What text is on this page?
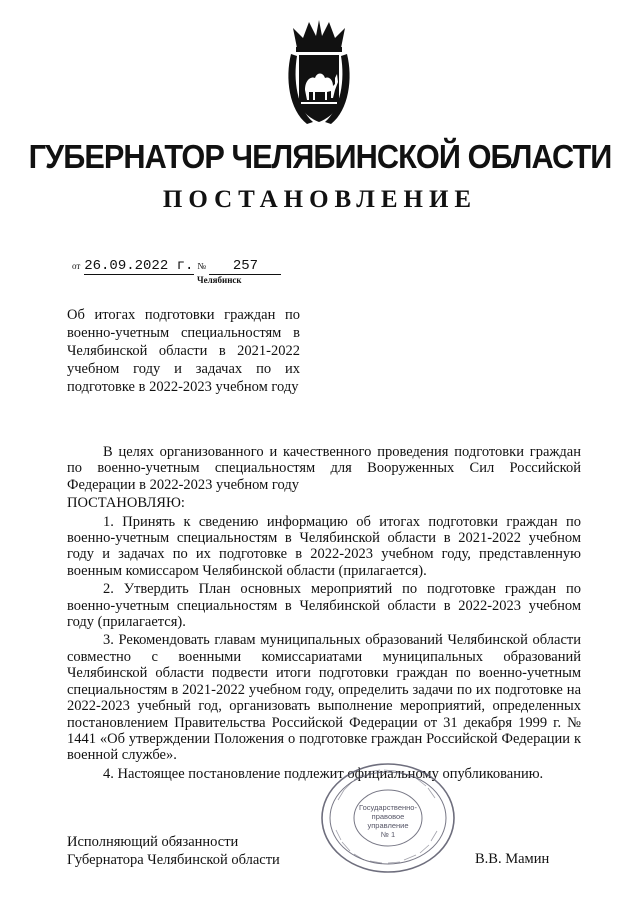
ГУБЕРНАТОР ЧЕЛЯБИНСКОЙ ОБЛАСТИ
ПОСТАНОВЛЕНИЕ
от 26.09.2022 г. № 257
Челябинск
Об итогах подготовки граждан по военно-учетным специальностям в Челябинской области в 2021-2022 учебном году и задачах по их подготовке в 2022-2023 учебном году

В целях организованного и качественного проведения подготовки граждан по военно-учетным специальностям для Вооруженных Сил Российской Федерации в 2022-2023 учебном году

ПОСТАНОВЛЯЮ:

1. Принять к сведению информацию об итогах подготовки граждан по военно-учетным специальностям в Челябинской области в 2021-2022 учебном году и задачах по их подготовке в 2022-2023 учебном году, представленную военным комиссаром Челябинской области (прилагается).

2. Утвердить План основных мероприятий по подготовке граждан по военно-учетным специальностям в Челябинской области в 2022-2023 учебном году (прилагается).

3. Рекомендовать главам муниципальных образований Челябинской области совместно с военными комиссариатами муниципальных образований Челябинской области подвести итоги подготовки граждан по военно-учетным специальностям в 2021-2022 учебном году, определить задачи по их подготовке на 2022-2023 учебный год, организовать выполнение мероприятий, определенных постановлением Правительства Российской Федерации от 31 декабря 1999 г. № 1441 «Об утверждении Положения о подготовке граждан Российской Федерации к военной службе».

4. Настоящее постановление подлежит официальному опубликованию.

Исполняющий обязанности
Губернатора Челябинской области	В.В. Мамин
Государственно-
правовое
управление
№ 1
